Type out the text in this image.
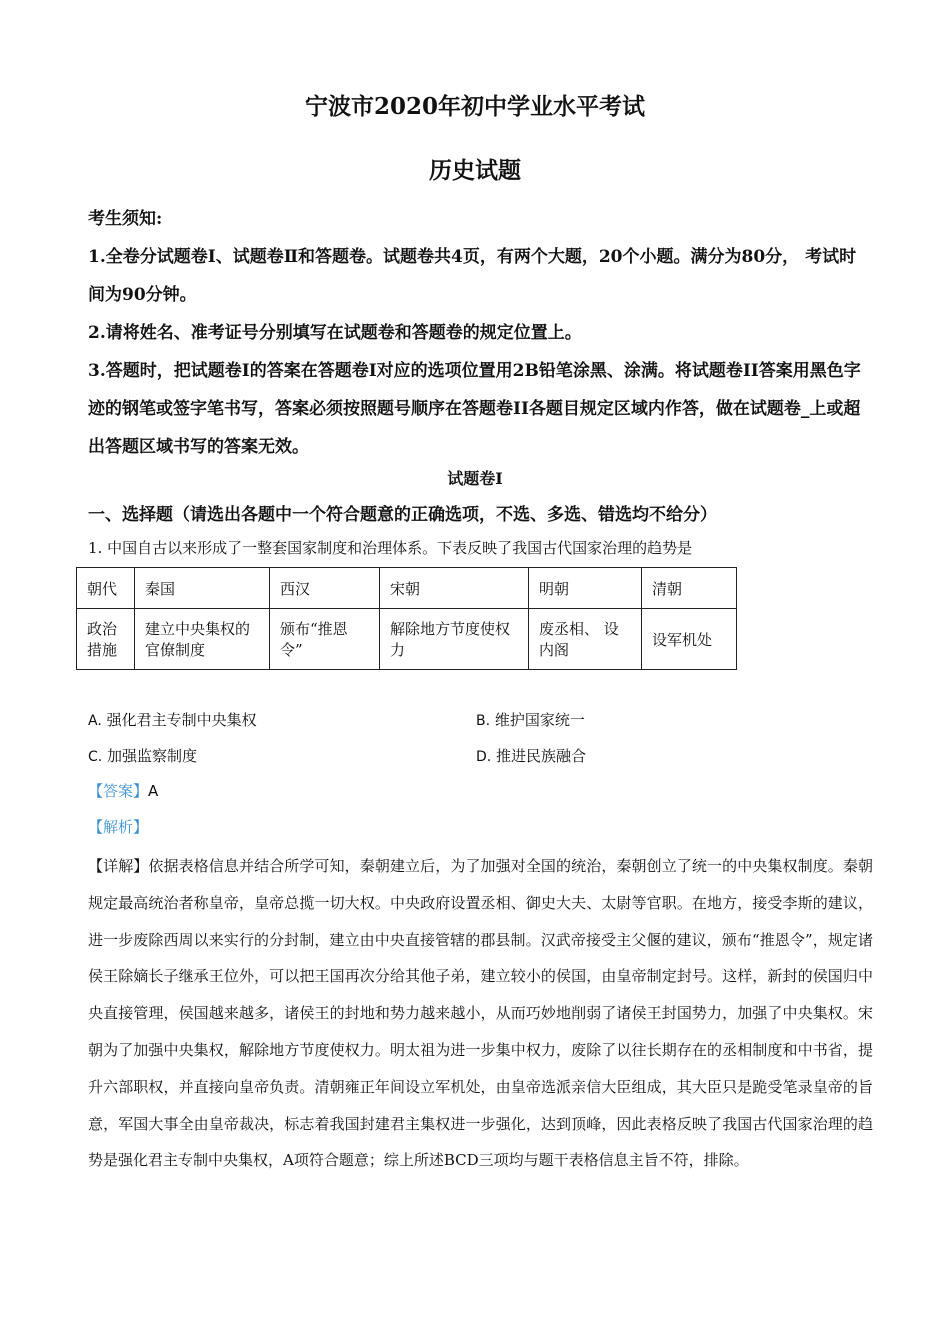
宁波市2020年初中学业水平考试
历史试题

考生须知:

1.全卷分试题卷Ⅰ、试题卷Ⅱ和答题卷。试题卷共4页，有两个大题，20个小题。满分为80分， 考试时间为90分钟。

2.请将姓名、准考证号分别填写在试题卷和答题卷的规定位置上。

3.答题时，把试题卷I的答案在答题卷I对应的选项位置用2B铅笔涂黑、涂满。将试题卷II答案用黑色字迹的钢笔或签字笔书写，答案必须按照题号顺序在答题卷II各题目规定区域内作答，做在试题卷_上或超出答题区域书写的答案无效。

试题卷I
一、选择题（请选出各题中一个符合题意的正确选项，不选、多选、错选均不给分）
1. 中国自古以来形成了一整套国家制度和治理体系。下表反映了我国古代国家治理的趋势是
朝代	秦国	西汉	宋朝	明朝	清朝
政治措施	建立中央集权的官僚制度	颁布“推恩令”	解除地方节度使权力	废丞相、 设内阁	设军机处
A. 强化君主专制中央集权	B. 维护国家统一
C. 加强监察制度	D. 推进民族融合
【答案】A
【解析】

【详解】依据表格信息并结合所学可知，秦朝建立后，为了加强对全国的统治，秦朝创立了统一的中央集权制度。秦朝规定最高统治者称皇帝，皇帝总揽一切大权。中央政府设置丞相、御史大夫、太尉等官职。在地方，接受李斯的建议，进一步废除西周以来实行的分封制，建立由中央直接管辖的郡县制。汉武帝接受主父偃的建议，颁布“推恩令”，规定诸侯王除嫡长子继承王位外，可以把王国再次分给其他子弟，建立较小的侯国，由皇帝制定封号。这样，新封的侯国归中央直接管理，侯国越来越多，诸侯王的封地和势力越来越小，从而巧妙地削弱了诸侯王封国势力，加强了中央集权。宋朝为了加强中央集权，解除地方节度使权力。明太祖为进一步集中权力，废除了以往长期存在的丞相制度和中书省，提升六部职权，并直接向皇帝负责。清朝雍正年间设立军机处，由皇帝选派亲信大臣组成，其大臣只是跪受笔录皇帝的旨意，军国大事全由皇帝裁决，标志着我国封建君主集权进一步强化，达到顶峰，因此表格反映了我国古代国家治理的趋势是强化君主专制中央集权，A项符合题意；综上所述BCD三项均与题干表格信息主旨不符，排除。
